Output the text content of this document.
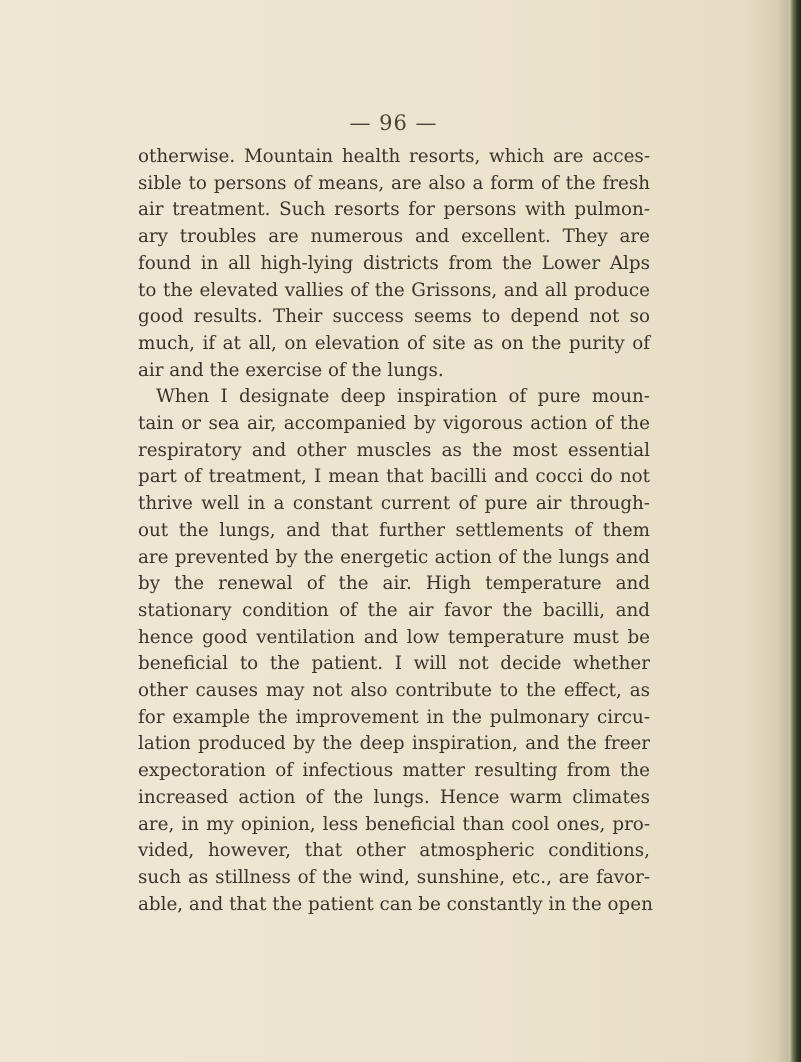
— 96 —
otherwise. Mountain health resorts, which are acces-
sible to persons of means, are also a form of the fresh
air treatment. Such resorts for persons with pulmon-
ary troubles are numerous and excellent. They are
found in all high-lying districts from the Lower Alps
to the elevated vallies of the Grissons, and all produce
good results. Their success seems to depend not so
much, if at all, on elevation of site as on the purity of
air and the exercise of the lungs.
When I designate deep inspiration of pure moun-
tain or sea air, accompanied by vigorous action of the
respiratory and other muscles as the most essential
part of treatment, I mean that bacilli and cocci do not
thrive well in a constant current of pure air through-
out the lungs, and that further settlements of them
are prevented by the energetic action of the lungs and
by the renewal of the air. High temperature and
stationary condition of the air favor the bacilli, and
hence good ventilation and low temperature must be
beneficial to the patient. I will not decide whether
other causes may not also contribute to the effect, as
for example the improvement in the pulmonary circu-
lation produced by the deep inspiration, and the freer
expectoration of infectious matter resulting from the
increased action of the lungs. Hence warm climates
are, in my opinion, less beneficial than cool ones, pro-
vided, however, that other atmospheric conditions,
such as stillness of the wind, sunshine, etc., are favor-
able, and that the patient can be constantly in the open
